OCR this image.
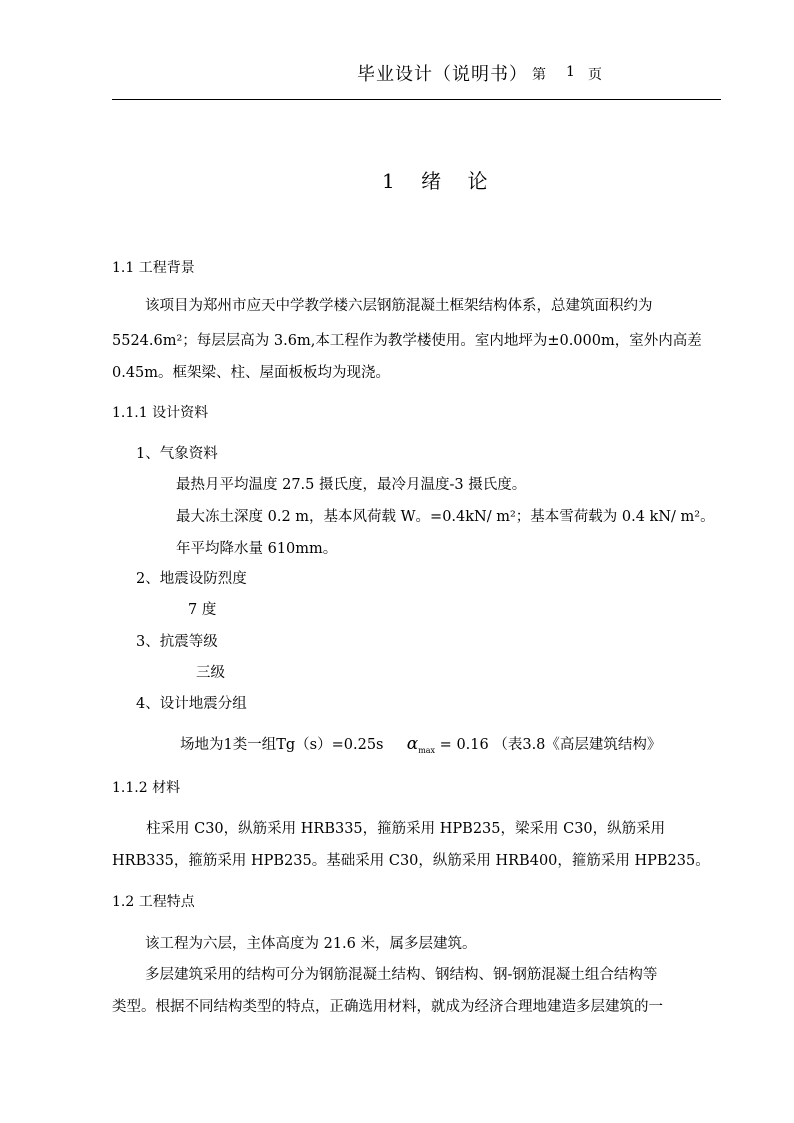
毕业设计（说明书） 第 1 页
1 绪 论
1.1 工程背景
该项目为郑州市应天中学教学楼六层钢筋混凝土框架结构体系，总建筑面积约为
5524.6m²；每层层高为 3.6m,本工程作为教学楼使用。室内地坪为±0.000m，室外内高差
0.45m。框架梁、柱、屋面板板均为现浇。
1.1.1 设计资料
1、气象资料
最热月平均温度 27.5 摄氏度，最冷月温度-3 摄氏度。
最大冻土深度 0.2 m，基本风荷载 W。=0.4kN/ m²；基本雪荷载为 0.4 kN/ m²。
年平均降水量 610mm。
2、地震设防烈度
7 度
3、抗震等级
三级
4、设计地震分组
场地为1类一组Tg（s）=0.25s $\alpha_{max} = 0.16$ （表3.8《高层建筑结构》
1.1.2 材料
柱采用 C30，纵筋采用 HRB335，箍筋采用 HPB235，梁采用 C30，纵筋采用
HRB335，箍筋采用 HPB235。基础采用 C30，纵筋采用 HRB400，箍筋采用 HPB235。
1.2 工程特点
该工程为六层，主体高度为 21.6 米，属多层建筑。
多层建筑采用的结构可分为钢筋混凝土结构、钢结构、钢-钢筋混凝土组合结构等
类型。根据不同结构类型的特点，正确选用材料，就成为经济合理地建造多层建筑的一
